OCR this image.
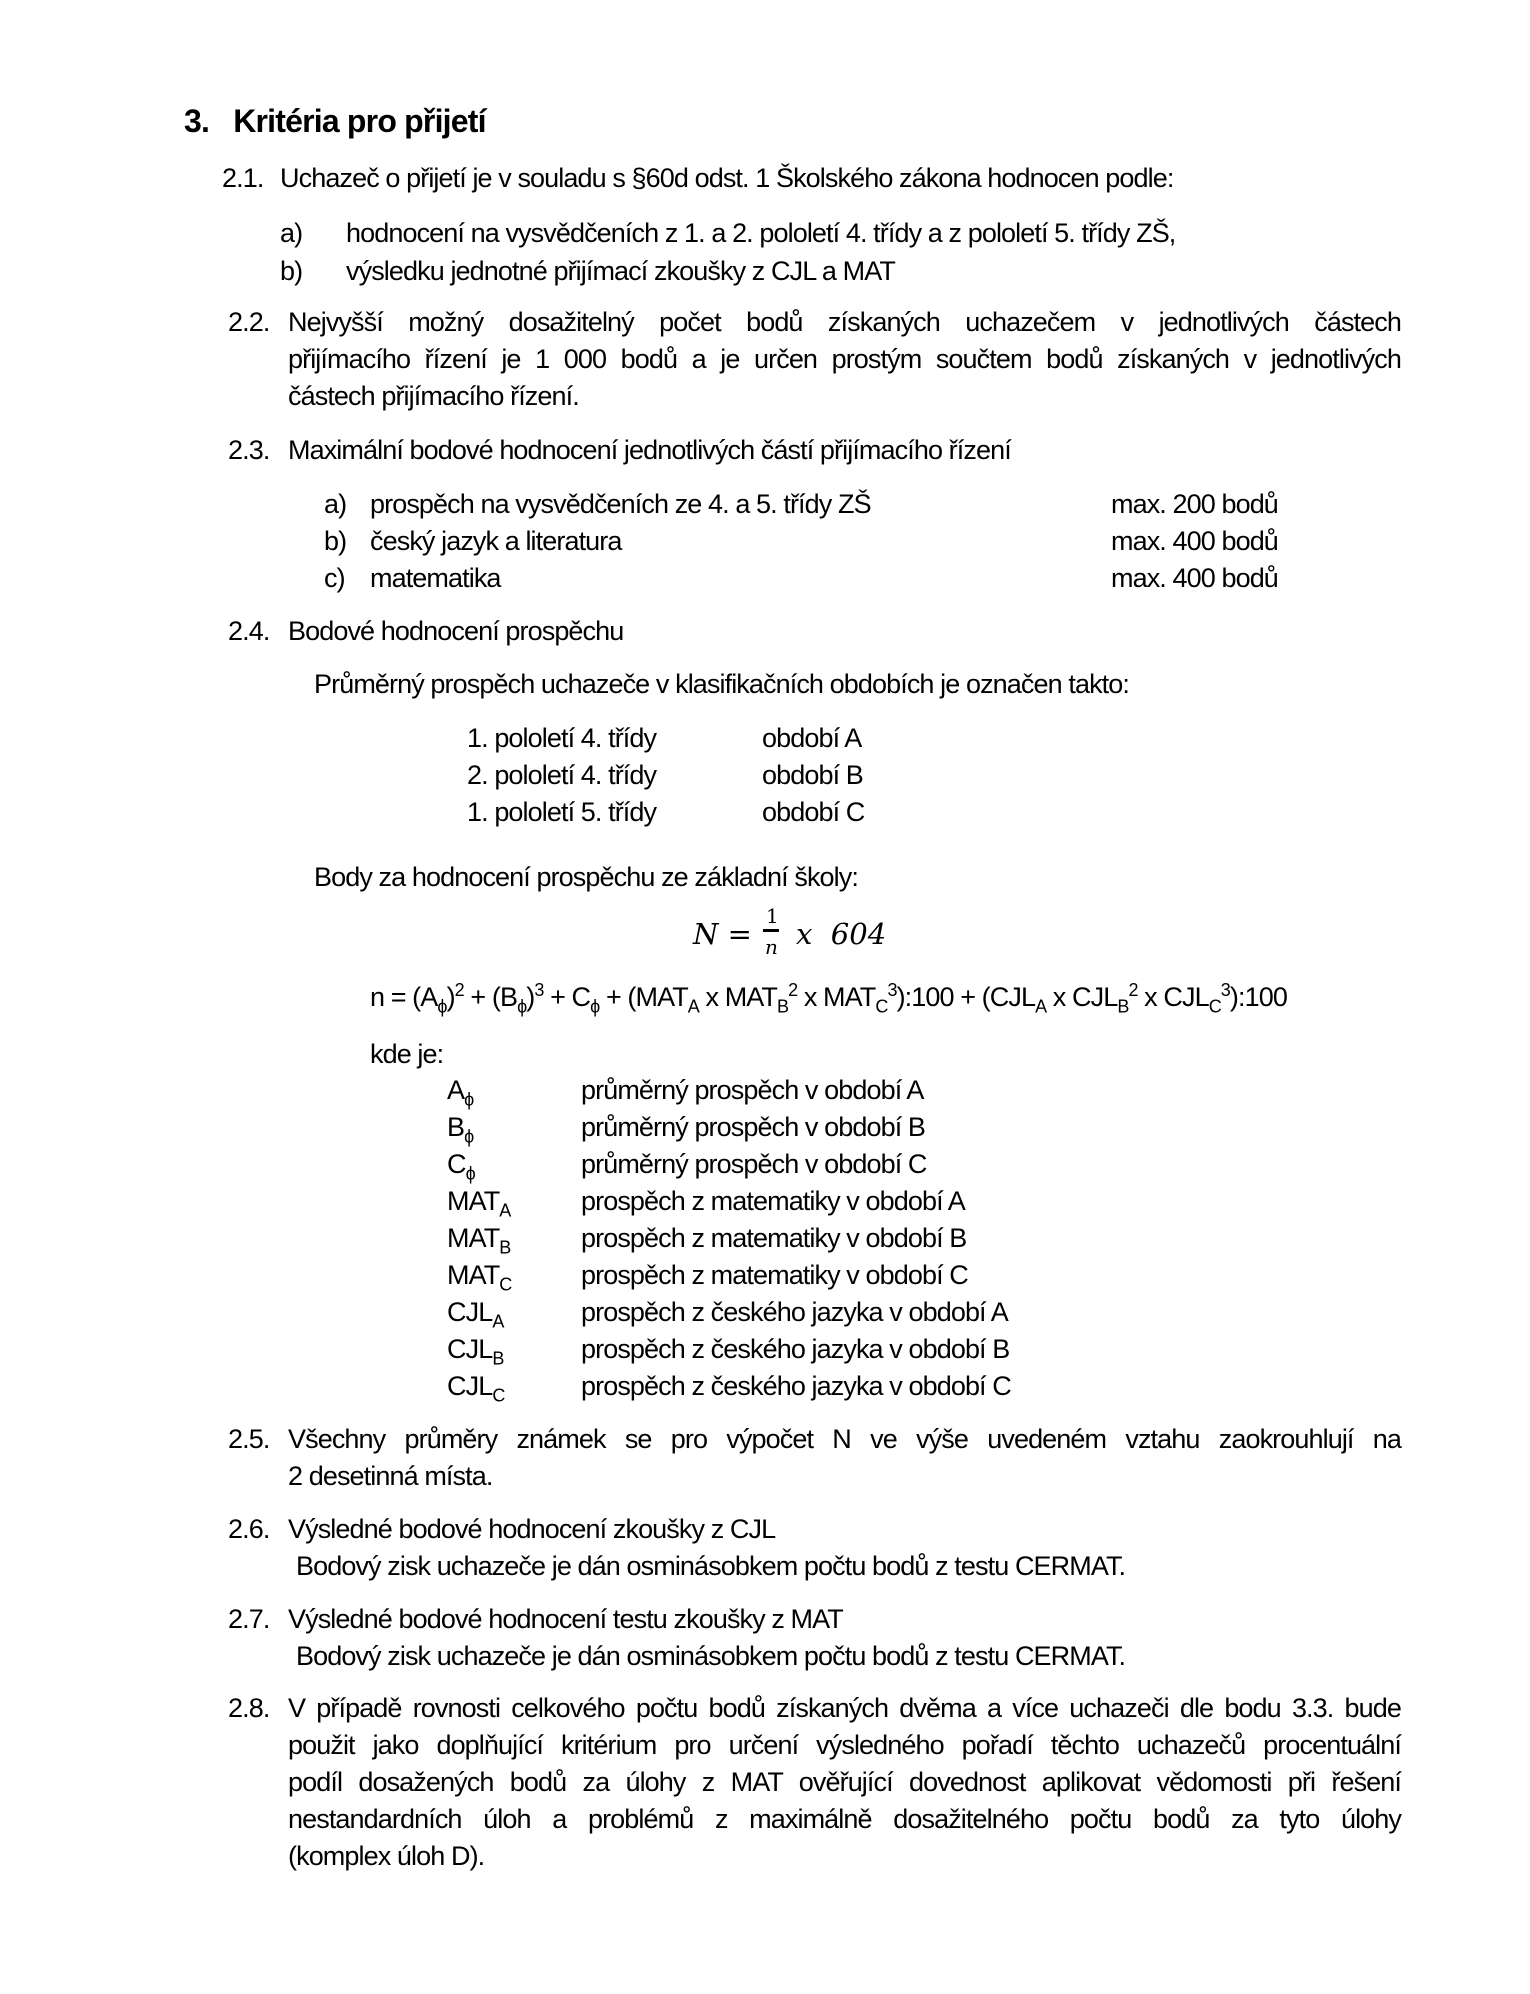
3. Kritéria pro přijetí
2.1. Uchazeč o přijetí je v souladu s §60d odst. 1 Školského zákona hodnocen podle:
a) hodnocení na vysvědčeních z 1. a 2. pololetí 4. třídy a z pololetí 5. třídy ZŠ,
b) výsledku jednotné přijímací zkoušky z CJL a MAT
2.2. Nejvyšší možný dosažitelný počet bodů získaných uchazečem v jednotlivých částech
přijímacího řízení je 1 000 bodů a je určen prostým součtem bodů získaných v jednotlivých
částech přijímacího řízení.
2.3. Maximální bodové hodnocení jednotlivých částí přijímacího řízení
a) prospěch na vysvědčeních ze 4. a 5. třídy ZŠ	max. 200 bodů
b) český jazyk a literatura	max. 400 bodů
c) matematika	max. 400 bodů
2.4. Bodové hodnocení prospěchu
Průměrný prospěch uchazeče v klasifikačních obdobích je označen takto:
1. pololetí 4. třídy	období A
2. pololetí 4. třídy	období B
1. pololetí 5. třídy	období C
Body za hodnocení prospěchu ze základní školy:
N =
1
n x  604
$n = (A_\phi)^2 + (B_\phi)^3 + C_\phi + (MAT_A$ x $MAT_B^2$ x $MAT_C^3):100 + (CJL_A$ x $CJL_B^2$ x $CJL_C^3):100$
kde je:
$A_\phi$	průměrný prospěch v období A
$B_\phi$	průměrný prospěch v období B
$C_\phi$	průměrný prospěch v období C
$MAT_A$	prospěch z matematiky v období A
$MAT_B$	prospěch z matematiky v období B
$MAT_C$	prospěch z matematiky v období C
$CJL_A$	prospěch z českého jazyka v období A
$CJL_B$	prospěch z českého jazyka v období B
$CJL_C$	prospěch z českého jazyka v období C
2.5. Všechny průměry známek se pro výpočet N ve výše uvedeném vztahu zaokrouhlují na
2 desetinná místa.
2.6. Výsledné bodové hodnocení zkoušky z CJL
Bodový zisk uchazeče je dán osminásobkem počtu bodů z testu CERMAT.
2.7. Výsledné bodové hodnocení testu zkoušky z MAT
Bodový zisk uchazeče je dán osminásobkem počtu bodů z testu CERMAT.
2.8. V případě rovnosti celkového počtu bodů získaných dvěma a více uchazeči dle bodu 3.3. bude
použit jako doplňující kritérium pro určení výsledného pořadí těchto uchazečů procentuální
podíl dosažených bodů za úlohy z MAT ověřující dovednost aplikovat vědomosti při řešení
nestandardních úloh a problémů z maximálně dosažitelného počtu bodů za tyto úlohy
(komplex úloh D).
